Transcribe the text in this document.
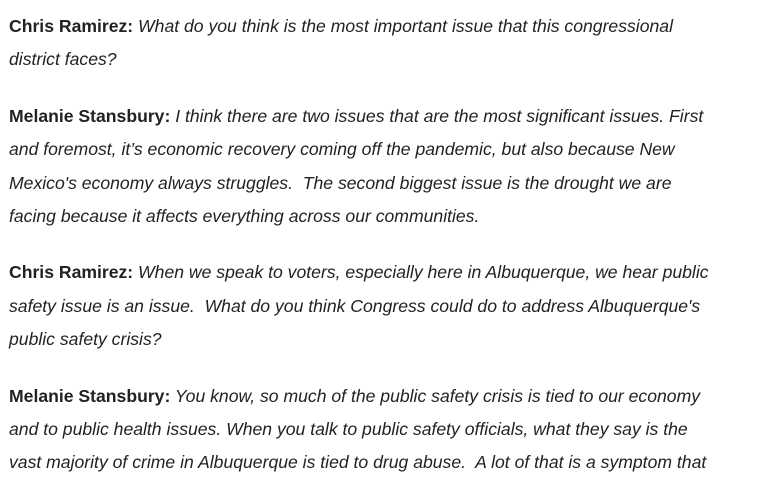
Chris Ramirez: What do you think is the most important issue that this congressional
district faces?
Melanie Stansbury: I think there are two issues that are the most significant issues. First
and foremost, it’s economic recovery coming off the pandemic, but also because New
Mexico's economy always struggles.  The second biggest issue is the drought we are
facing because it affects everything across our communities.
Chris Ramirez: When we speak to voters, especially here in Albuquerque, we hear public
safety issue is an issue.  What do you think Congress could do to address Albuquerque's
public safety crisis?
Melanie Stansbury: You know, so much of the public safety crisis is tied to our economy
and to public health issues. When you talk to public safety officials, what they say is the
vast majority of crime in Albuquerque is tied to drug abuse.  A lot of that is a symptom that
